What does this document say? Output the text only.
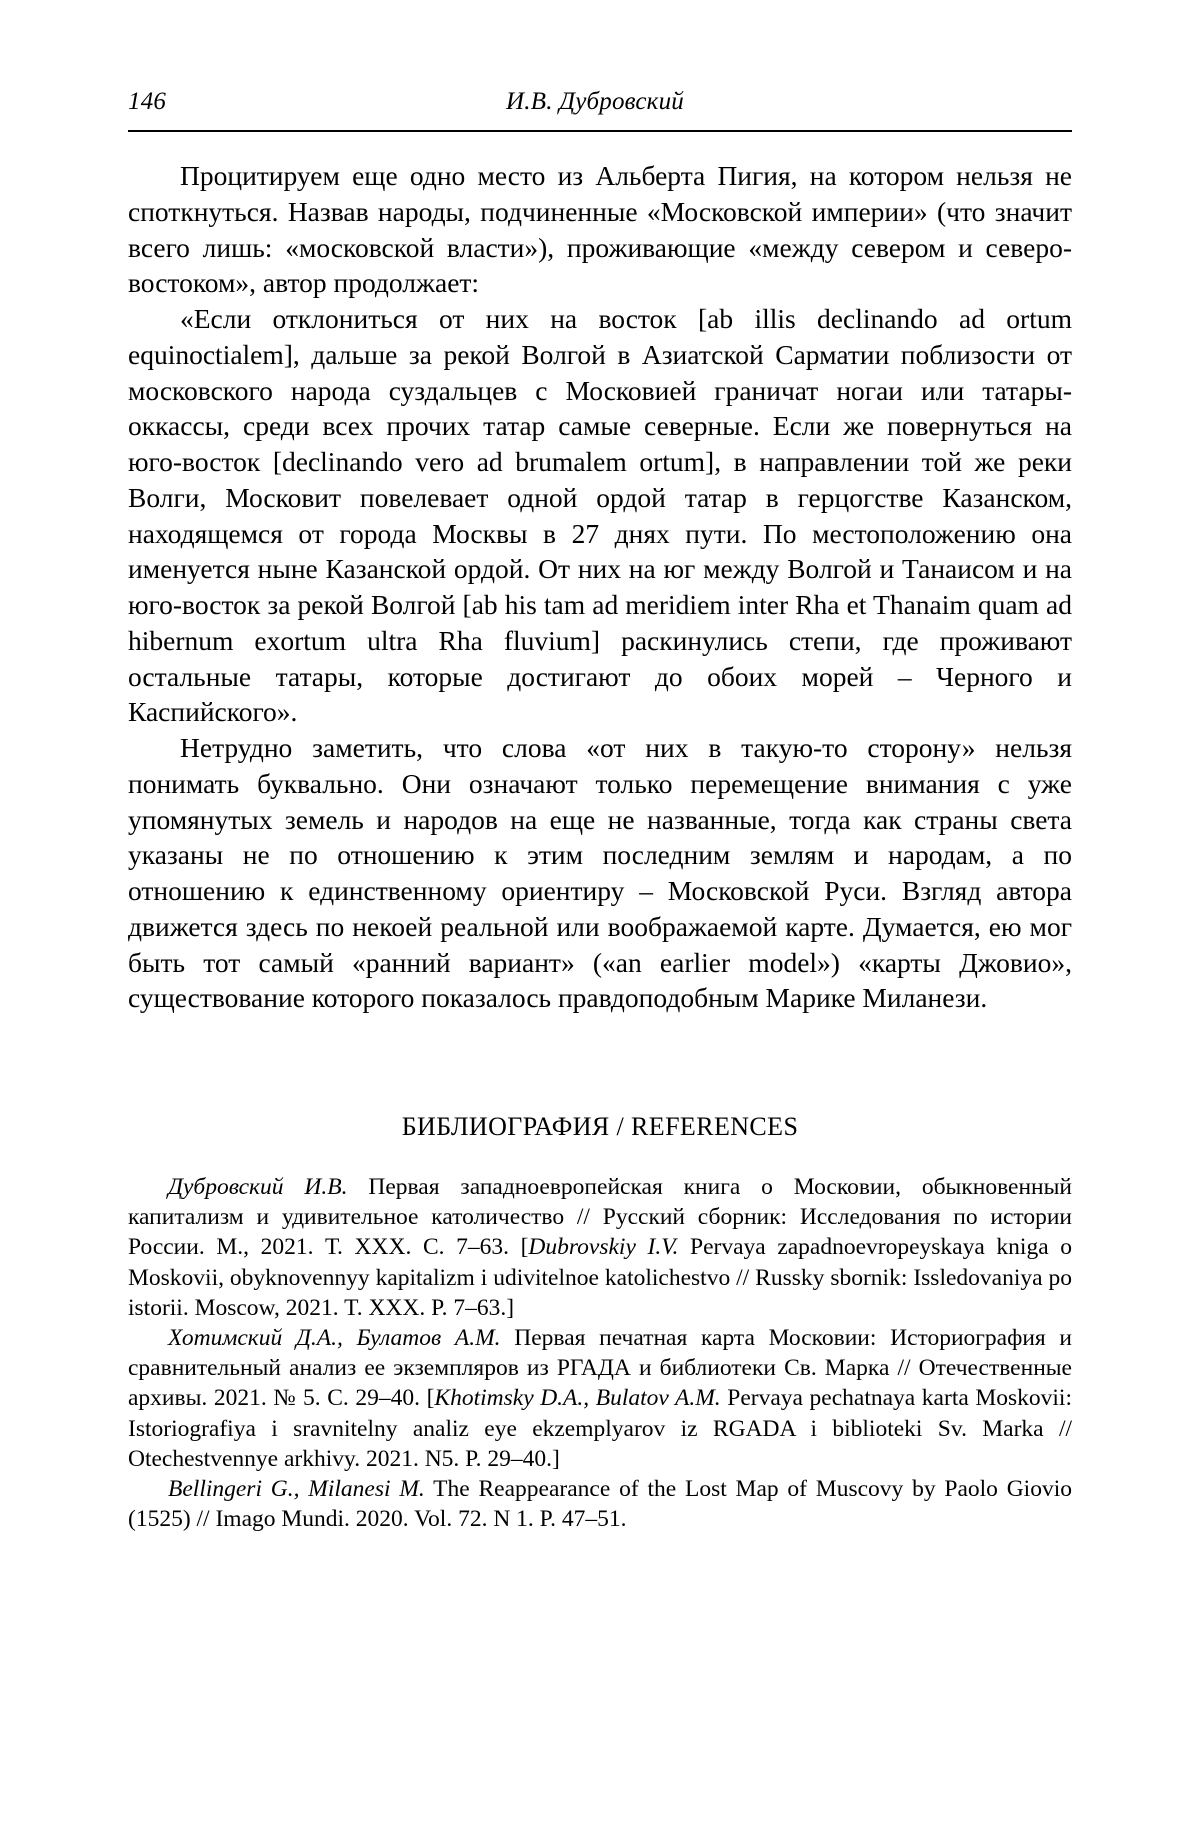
146	И.В. Дубровский

Процитируем еще одно место из Альберта Пигия, на котором нельзя не споткнуться. Назвав народы, подчиненные «Московской империи» (что значит всего лишь: «московской власти»), проживающие «между севером и северо-востоком», автор продолжает:

«Если отклониться от них на восток [ab illis declinando ad ortum equinoctialem], дальше за рекой Волгой в Азиатской Сарматии поблизости от московского народа суздальцев с Московией граничат ногаи или татары-оккассы, среди всех прочих татар самые северные. Если же повернуться на юго-восток [declinando vero ad brumalem ortum], в направлении той же реки Волги, Московит повелевает одной ордой татар в герцогстве Казанском, находящемся от города Москвы в 27 днях пути. По местоположению она именуется ныне Казанской ордой. От них на юг между Волгой и Танаисом и на юго-восток за рекой Волгой [ab his tam ad meridiem inter Rha et Thanaim quam ad hibernum exortum ultra Rha fluvium] раскинулись степи, где проживают остальные татары, которые достигают до обоих морей – Черного и Каспийского».

Нетрудно заметить, что слова «от них в такую-то сторону» нельзя понимать буквально. Они означают только перемещение внимания с уже упомянутых земель и народов на еще не названные, тогда как страны света указаны не по отношению к этим последним землям и народам, а по отношению к единственному ориентиру – Московской Руси. Взгляд автора движется здесь по некоей реальной или воображаемой карте. Думается, ею мог быть тот самый «ранний вариант» («an earlier model») «карты Джовио», существование которого показалось правдоподобным Марике Миланези.

БИБЛИОГРАФИЯ / REFERENCES

Дубровский И.В. Первая западноевропейская книга о Московии, обыкновенный капитализм и удивительное католичество // Русский сборник: Исследования по истории России. М., 2021. Т. XXX. С. 7–63. [Dubrovskiy I.V. Pervaya zapadnoevropeyskaya kniga o Moskovii, obyknovennyy kapitalizm i udivitelnoe katolichestvo // Russky sbornik: Issledovaniya po istorii. Moscow, 2021. T. XXX. P. 7–63.]

Хотимский Д.А., Булатов А.М. Первая печатная карта Московии: Историография и сравнительный анализ ее экземпляров из РГАДА и библиотеки Св. Марка // Отечественные архивы. 2021. № 5. С. 29–40. [Khotimsky D.A., Bulatov A.M. Pervaya pechatnaya karta Moskovii: Istoriografiya i sravnitelny analiz eye ekzemplyarov iz RGADA i biblioteki Sv. Marka // Otechestvennye arkhivy. 2021. N5. P. 29–40.]

Bellingeri G., Milanesi M. The Reappearance of the Lost Map of Muscovy by Paolo Giovio (1525) // Imago Mundi. 2020. Vol. 72. N 1. P. 47–51.
